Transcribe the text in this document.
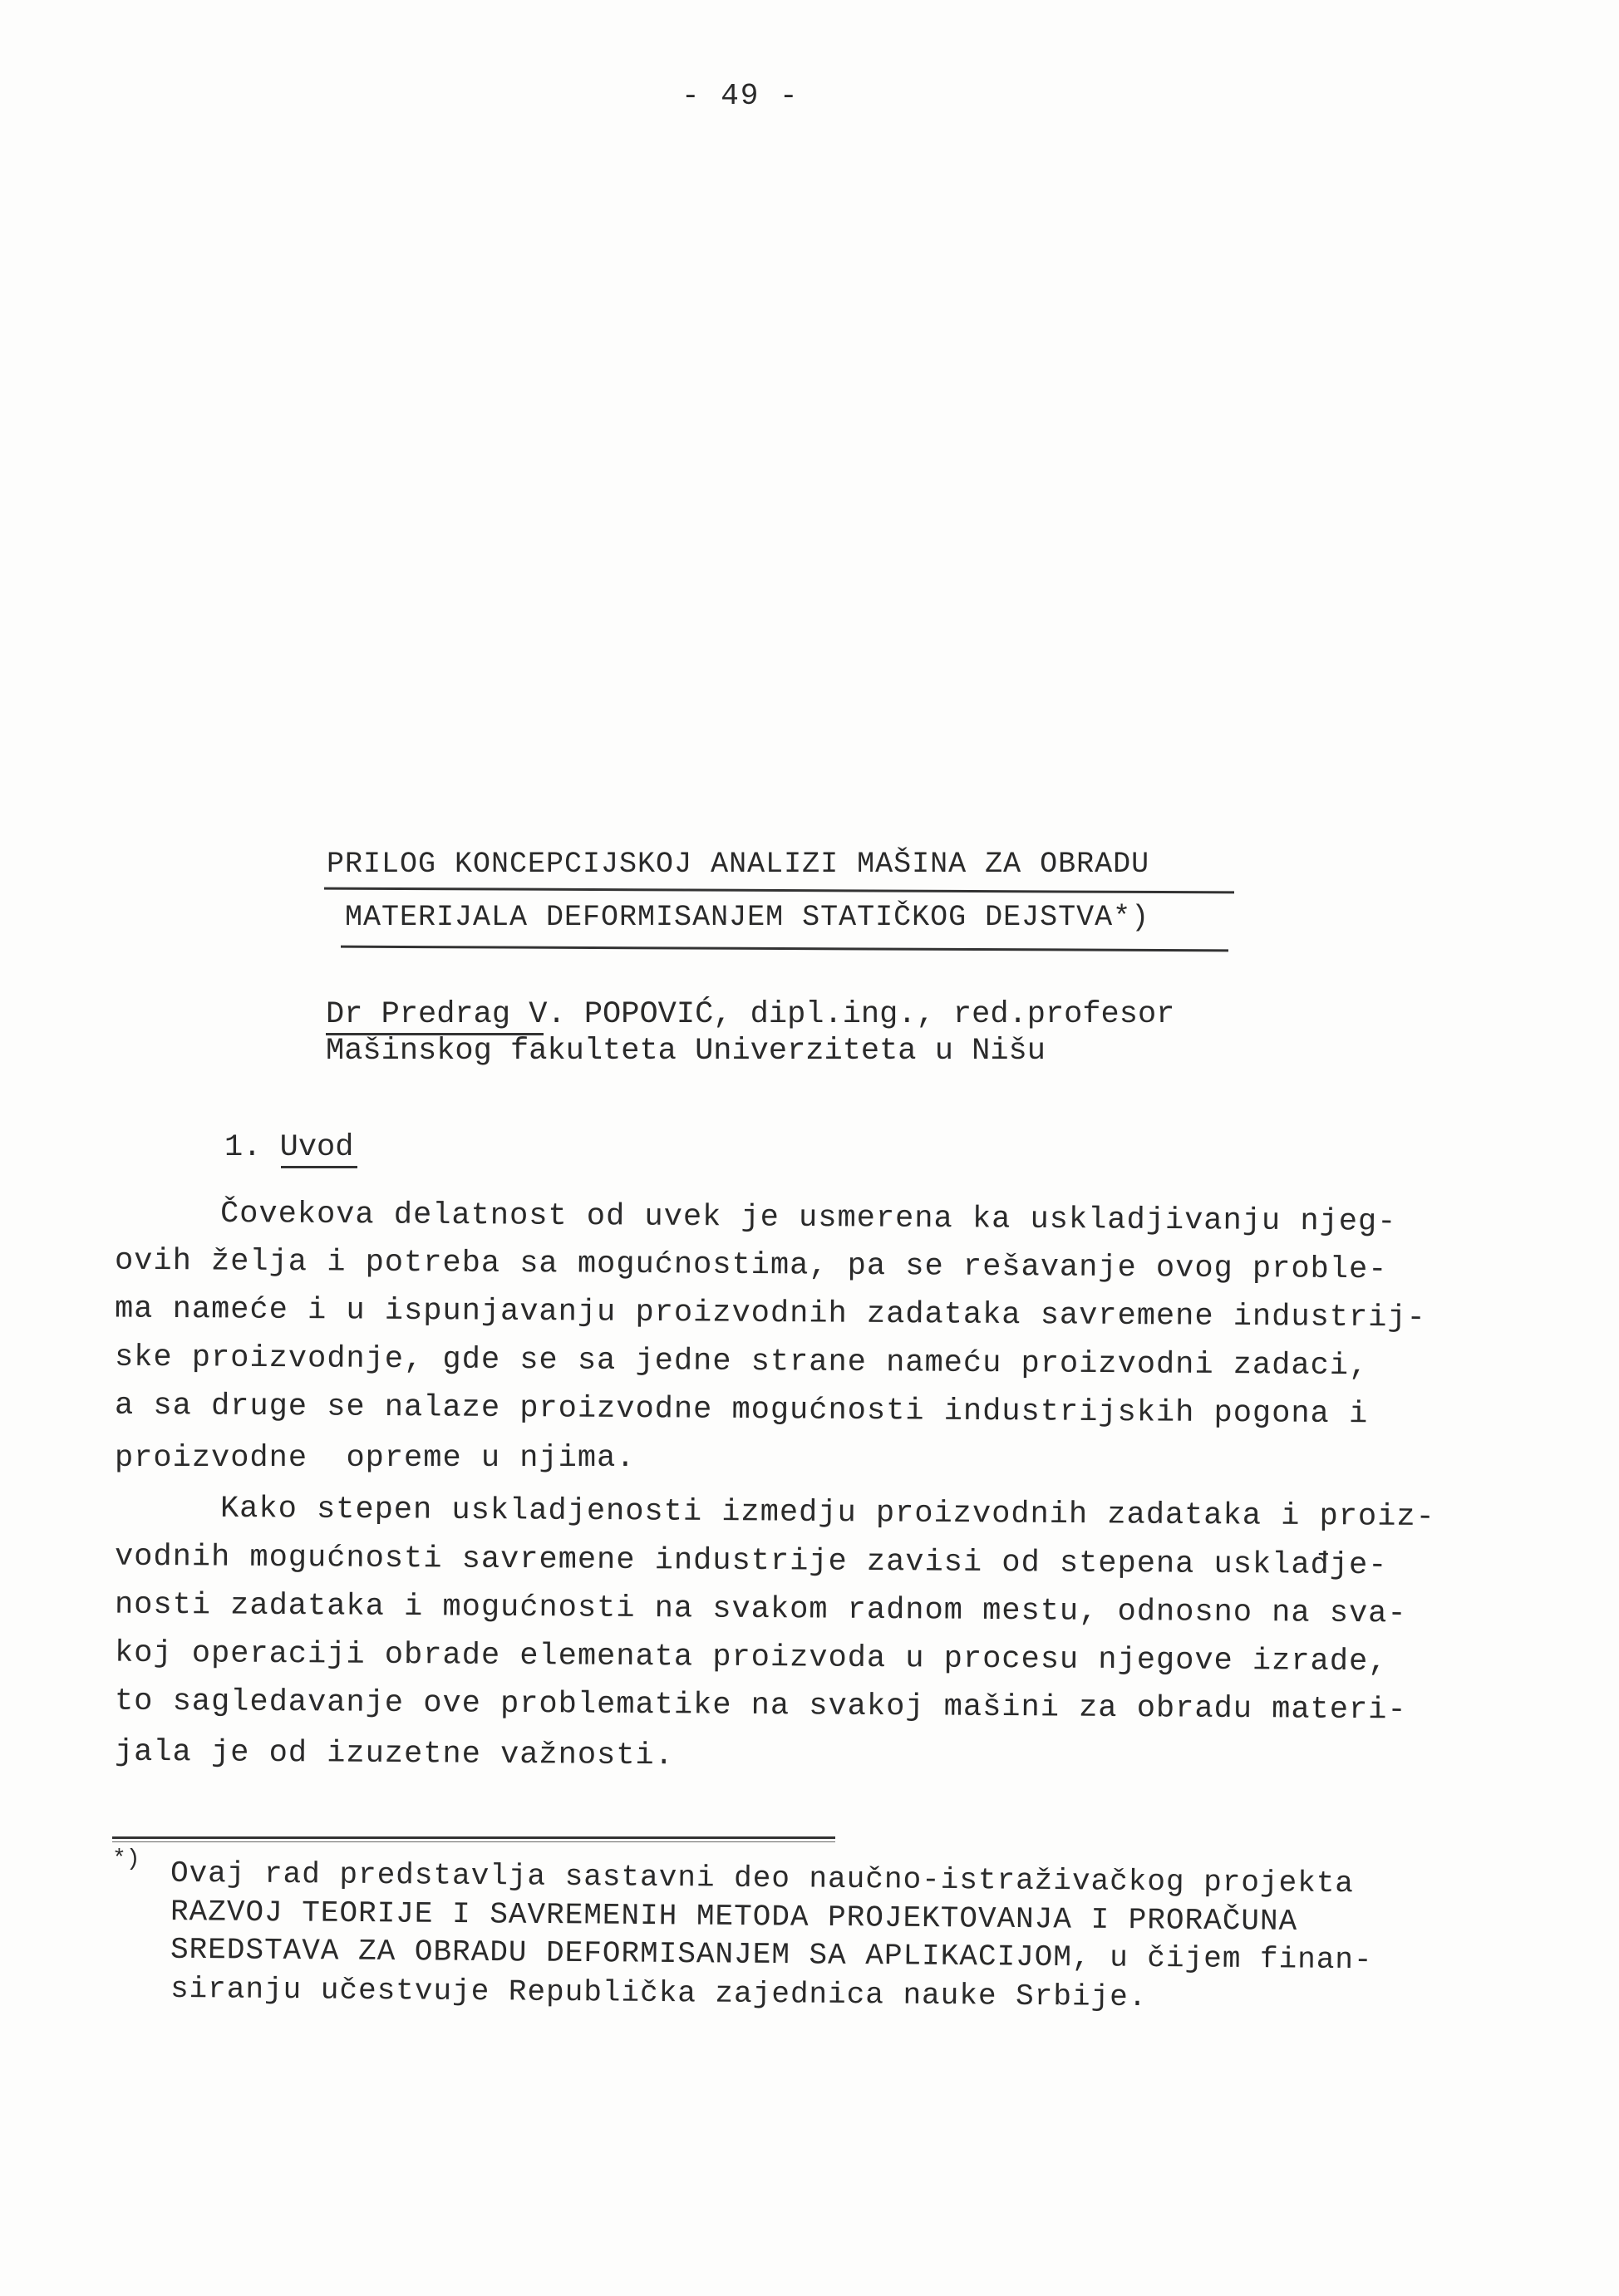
- 49 -
PRILOG KONCEPCIJSKOJ ANALIZI MAŠINA ZA OBRADU
MATERIJALA DEFORMISANJEM STATIČKOG DEJSTVA*)
Dr Predrag V. POPOVIĆ, dipl.ing., red.profesor
Mašinskog fakulteta Univerziteta u Nišu
1. Uvod
Čovekova delatnost od uvek je usmerena ka uskladjivanju njeg-
ovih želja i potreba sa mogućnostima, pa se rešavanje ovog proble-
ma nameće i u ispunjavanju proizvodnih zadataka savremene industrij-
ske proizvodnje, gde se sa jedne strane nameću proizvodni zadaci,
a sa druge se nalaze proizvodne mogućnosti industrijskih pogona i
proizvodne  opreme u njima.
Kako stepen uskladjenosti izmedju proizvodnih zadataka i proiz-
vodnih mogućnosti savremene industrije zavisi od stepena usklađje-
nosti zadataka i mogućnosti na svakom radnom mestu, odnosno na sva-
koj operaciji obrade elemenata proizvoda u procesu njegove izrade,
to sagledavanje ove problematike na svakoj mašini za obradu materi-
jala je od izuzetne važnosti.
*) Ovaj rad predstavlja sastavni deo naučno-istraživačkog projekta
RAZVOJ TEORIJE I SAVREMENIH METODA PROJEKTOVANJA I PRORAČUNA
SREDSTAVA ZA OBRADU DEFORMISANJEM SA APLIKACIJOM, u čijem finan-
siranju učestvuje Republička zajednica nauke Srbije.
